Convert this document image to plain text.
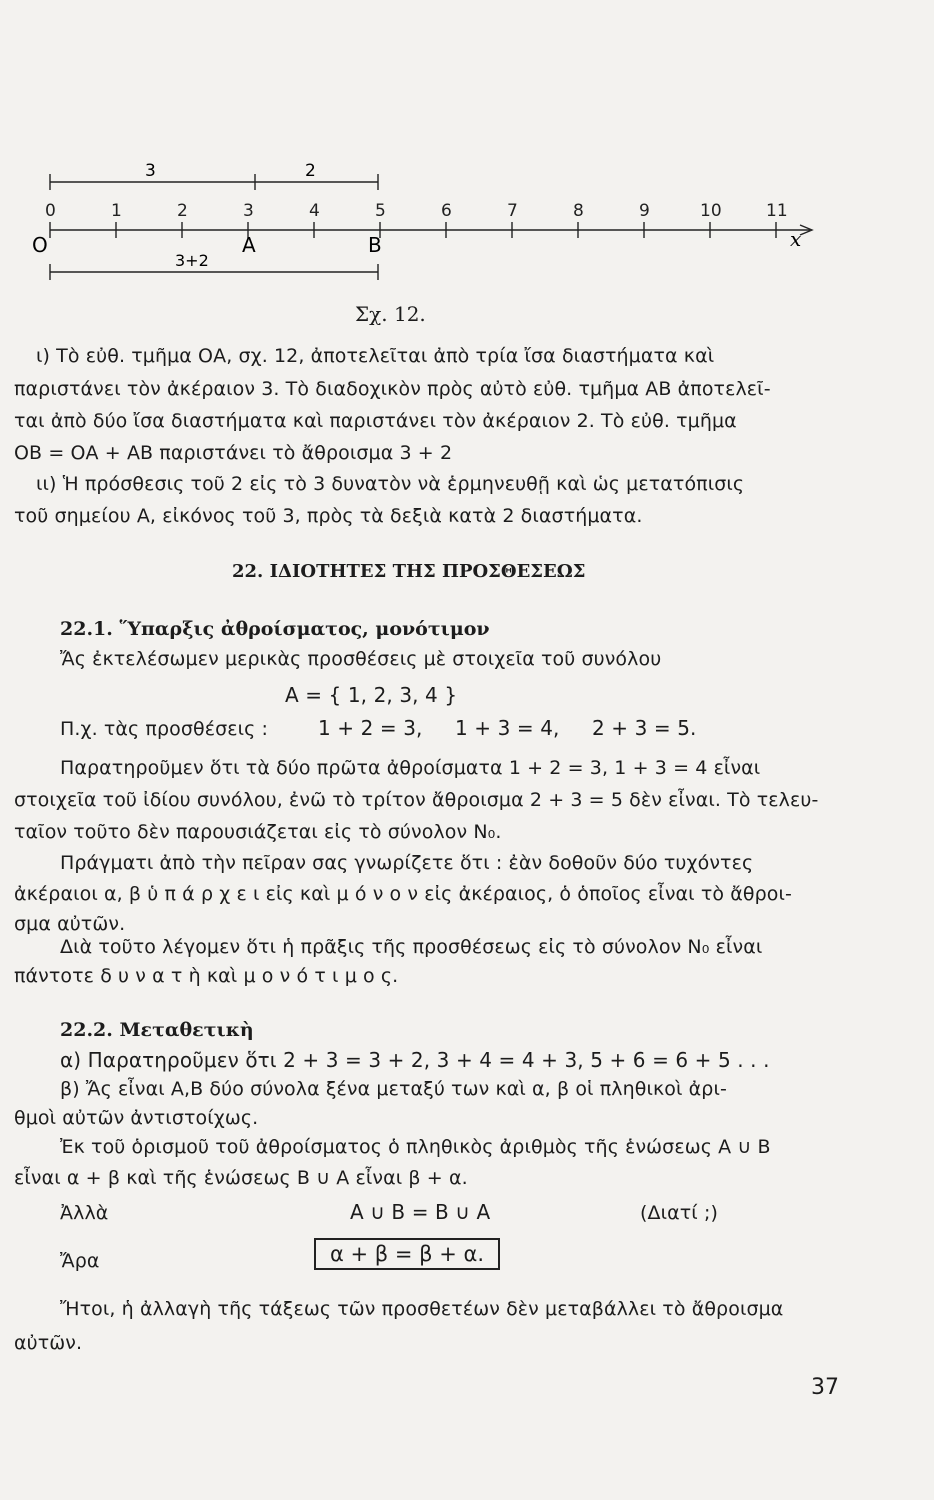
0	1	2	3	4	5	6	7	8	9	10	11
3	2
O	A	B	x
3+2
Σχ. 12.
ι) Τὸ εὐθ. τμῆμα ΟΑ, σχ. 12, ἀποτελεῖται ἀπὸ τρία ἴσα διαστήματα καὶ
παριστάνει τὸν ἀκέραιον 3. Τὸ διαδοχικὸν πρὸς αὐτὸ εὐθ. τμῆμα ΑΒ ἀποτελεῖ-
ται ἀπὸ δύο ἴσα διαστήματα καὶ παριστάνει τὸν ἀκέραιον 2. Τὸ εὐθ. τμῆμα
ΟΒ = ΟΑ + ΑΒ παριστάνει τὸ ἄθροισμα 3 + 2
ιι) Ἡ πρόσθεσις τοῦ 2 εἰς τὸ 3 δυνατὸν νὰ ἑρμηνευθῇ καὶ ὡς μετατόπισις
τοῦ σημείου Α, εἰκόνος τοῦ 3, πρὸς τὰ δεξιὰ κατὰ 2 διαστήματα.
22. ΙΔΙΟΤΗΤΕΣ ΤΗΣ ΠΡΟΣΘΕΣΕΩΣ
22.1. Ὕπαρξις ἀθροίσματος, μονότιμον
Ἄς ἐκτελέσωμεν μερικὰς προσθέσεις μὲ στοιχεῖα τοῦ συνόλου
Α = { 1, 2, 3, 4 }
Π.χ. τὰς προσθέσεις : 1 + 2 = 3, 1 + 3 = 4, 2 + 3 = 5.
Παρατηροῦμεν ὅτι τὰ δύο πρῶτα ἀθροίσματα 1 + 2 = 3, 1 + 3 = 4 εἶναι
στοιχεῖα τοῦ ἰδίου συνόλου, ἐνῶ τὸ τρίτον ἄθροισμα 2 + 3 = 5 δὲν εἶναι. Τὸ τελευ-
ταῖον τοῦτο δὲν παρουσιάζεται εἰς τὸ σύνολον N₀.
Πράγματι ἀπὸ τὴν πεῖραν σας γνωρίζετε ὅτι : ἐὰν δοθοῦν δύο τυχόντες
ἀκέραιοι α, β ὑ π ά ρ χ ε ι εἰς καὶ μ ό ν ο ν εἰς ἀκέραιος, ὁ ὁποῖος εἶναι τὸ ἄθροι-
σμα αὐτῶν.
Διὰ τοῦτο λέγομεν ὅτι ἡ πρᾶξις τῆς προσθέσεως εἰς τὸ σύνολον N₀ εἶναι
πάντοτε δ υ ν α τ ὴ καὶ μ ο ν ό τ ι μ ο ς.
22.2. Μεταθετικὴ
α) Παρατηροῦμεν ὅτι 2 + 3 = 3 + 2, 3 + 4 = 4 + 3, 5 + 6 = 6 + 5 . . .
β) Ἄς εἶναι Α,Β δύο σύνολα ξένα μεταξύ των καὶ α, β οἱ πληθικοὶ ἀρι-
θμοὶ αὐτῶν ἀντιστοίχως.
Ἐκ τοῦ ὁρισμοῦ τοῦ ἀθροίσματος ὁ πληθικὸς ἀριθμὸς τῆς ἑνώσεως Α ∪ Β
εἶναι α + β καὶ τῆς ἑνώσεως Β ∪ Α εἶναι β + α.
Ἀλλὰ	Α ∪ Β = Β ∪ Α	(Διατί ;)
Ἄρα	α + β = β + α.
Ἤτοι, ἡ ἀλλαγὴ τῆς τάξεως τῶν προσθετέων δὲν μεταβάλλει τὸ ἄθροισμα
αὐτῶν.
37
